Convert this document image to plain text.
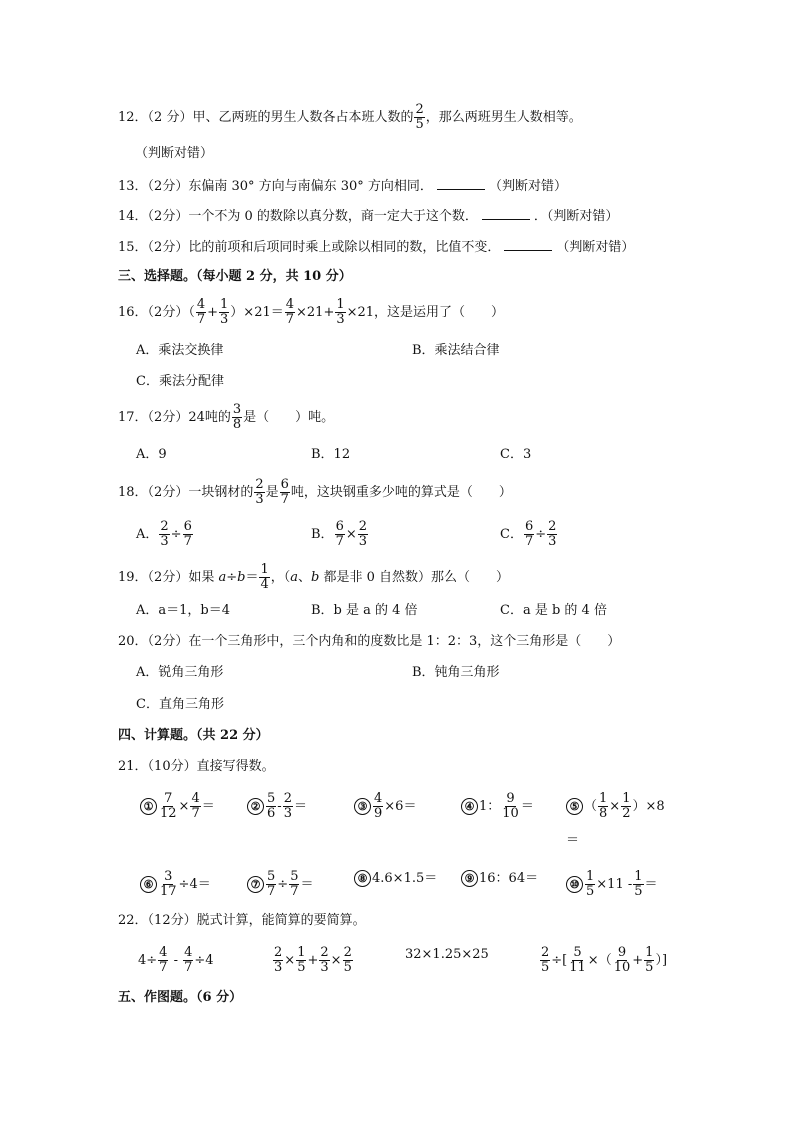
12．（2 分）甲、乙两班的男生人数各占本班人数的 $\frac{2}{5}$ ，那么两班男生人数相等。
（判断对错）
13．（2分）东偏南 30° 方向与南偏东 30° 方向相同．	（判断对错）
14．（2分）一个不为 0 的数除以真分数，商一定大于这个数．	．（判断对错）
15．（2分）比的前项和后项同时乘上或除以相同的数，比值不变．	（判断对错）
三、选择题。（每小题 2 分，共 10 分）
16．（2分）（ $\frac{4}{7} + \frac{1}{3} )\times 21= \frac{4}{7} \times 21+ \frac{1}{3} \times 21$，这是运用了（　　）
A．乘法交换律	B．乘法结合律
C．乘法分配律
17．（2分）24吨的 $\frac{3}{8}$ 是（　　）吨。
A．9	B．12	C．3
18．（2分）一块钢材的 $\frac{2}{3}$ 是 $\frac{6}{7}$ 吨，这块钢重多少吨的算式是（　　）
A． $\frac{2}{3} \div \frac{6}{7}$	B． $\frac{6}{7} \times \frac{2}{3}$	C． $\frac{6}{7} \div \frac{2}{3}$
19．（2分）如果 $a\div b= \frac{1}{4}$ ，（a、b 都是非 0 自然数）那么（　　）
A．a＝1，b＝4	B．b 是 a 的 4 倍	C．a 是 b 的 4 倍
20．（2分）在一个三角形中，三个内角和的度数比是 1：2：3，这个三角形是（　　）
A．锐角三角形	B．钝角三角形
C．直角三角形
四、计算题。（共 22 分）
21．（10分）直接写得数。
① $\frac{7}{12} \times \frac{4}{7}$ ＝	② $\frac{5}{6} - \frac{2}{3}$ ＝	③ $\frac{4}{9} \times 6=$	④ 1： $\frac{9}{10}$ ＝	⑤ （ $\frac{1}{8} \times \frac{1}{2} )\times 8$
＝
⑥ $\frac{3}{17} \div 4=$	⑦ $\frac{5}{7} \div \frac{5}{7}$ ＝	⑧ 4.6×1.5＝	⑨ 16：64＝	⑩ $\frac{1}{5} \times 11 - \frac{1}{5}$ ＝
22．（12分）脱式计算，能简算的要简算。
$4\div \frac{4}{7} - \frac{4}{7} \div 4$	$\frac{2}{3} \times \frac{1}{5} + \frac{2}{3} \times \frac{2}{5}$	32×1.25×25	$\frac{2}{5}$ ÷[ $\frac{5}{11}$ ×（ $\frac{9}{10} + \frac{1}{5}$ ）]
五、作图题。（6 分）
